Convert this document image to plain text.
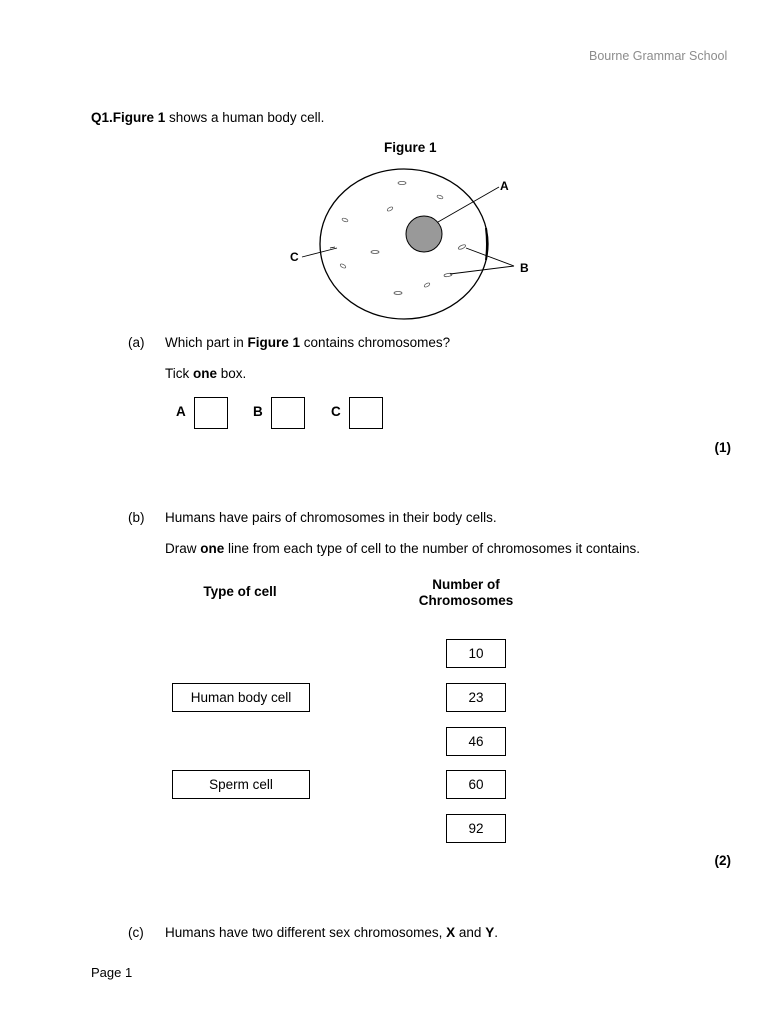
Bourne Grammar School
Q1.Figure 1 shows a human body cell.
Figure 1
A
B
C
(a) Which part in Figure 1 contains chromosomes?
Tick one box.
A	B	C
(1)
(b) Humans have pairs of chromosomes in their body cells.
Draw one line from each type of cell to the number of chromosomes it contains.
Type of cell	Number of
Chromosomes
Human body cell
Sperm cell
10
23
46
60
92
(2)
(c) Humans have two different sex chromosomes, X and Y.
Page 1
